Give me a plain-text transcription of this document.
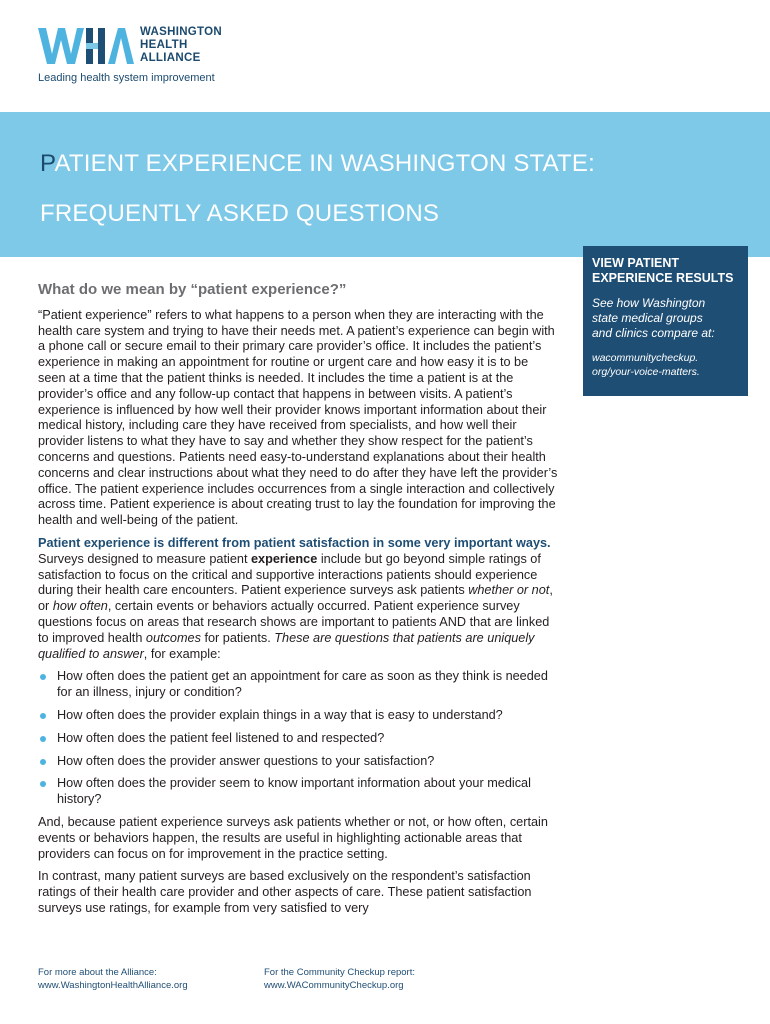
WASHINGTON
HEALTH
ALLIANCE
Leading health system improvement
PATIENT EXPERIENCE IN WASHINGTON STATE:
FREQUENTLY ASKED QUESTIONS
VIEW PATIENT
EXPERIENCE RESULTS
See how Washington
state medical groups
and clinics compare at:
wacommunitycheckup.
org/your-voice-matters.
What do we mean by “patient experience?”

“Patient experience” refers to what happens to a person when they are interacting with the health care system and trying to have their needs met. A patient’s experience can begin with a phone call or secure email to their primary care provider’s office. It includes the patient’s experience in making an appointment for routine or urgent care and how easy it is to be seen at a time that the patient thinks is needed. It includes the time a patient is at the provider’s office and any follow-up contact that happens in between visits. A patient’s experience is influenced by how well their provider knows important information about their medical history, including care they have received from specialists, and how well their provider listens to what they have to say and whether they show respect for the patient’s concerns and questions. Patients need easy-to-understand explanations about their health concerns and clear instructions about what they need to do after they have left the provider’s office. The patient experience includes occurrences from a single interaction and collectively across time. Patient experience is about creating trust to lay the foundation for improving the health and well-being of the patient.

Patient experience is different from patient satisfaction in some very important ways. Surveys designed to measure patient experience include but go beyond simple ratings of satisfaction to focus on the critical and supportive interactions patients should experience during their health care encounters. Patient experience surveys ask patients whether or not, or how often, certain events or behaviors actually occurred. Patient experience survey questions focus on areas that research shows are important to patients AND that are linked to improved health outcomes for patients. These are questions that patients are uniquely qualified to answer, for example:

How often does the patient get an appointment for care as soon as they think is needed for an illness, injury or condition?
How often does the provider explain things in a way that is easy to understand?
How often does the patient feel listened to and respected?
How often does the provider answer questions to your satisfaction?
How often does the provider seem to know important information about your medical history?

And, because patient experience surveys ask patients whether or not, or how often, certain events or behaviors happen, the results are useful in highlighting actionable areas that providers can focus on for improvement in the practice setting.

In contrast, many patient surveys are based exclusively on the respondent’s satisfaction ratings of their health care provider and other aspects of care. These patient satisfaction surveys use ratings, for example from very satisfied to very

For more about the Alliance:
www.WashingtonHealthAlliance.org
For the Community Checkup report:
www.WACommunityCheckup.org
